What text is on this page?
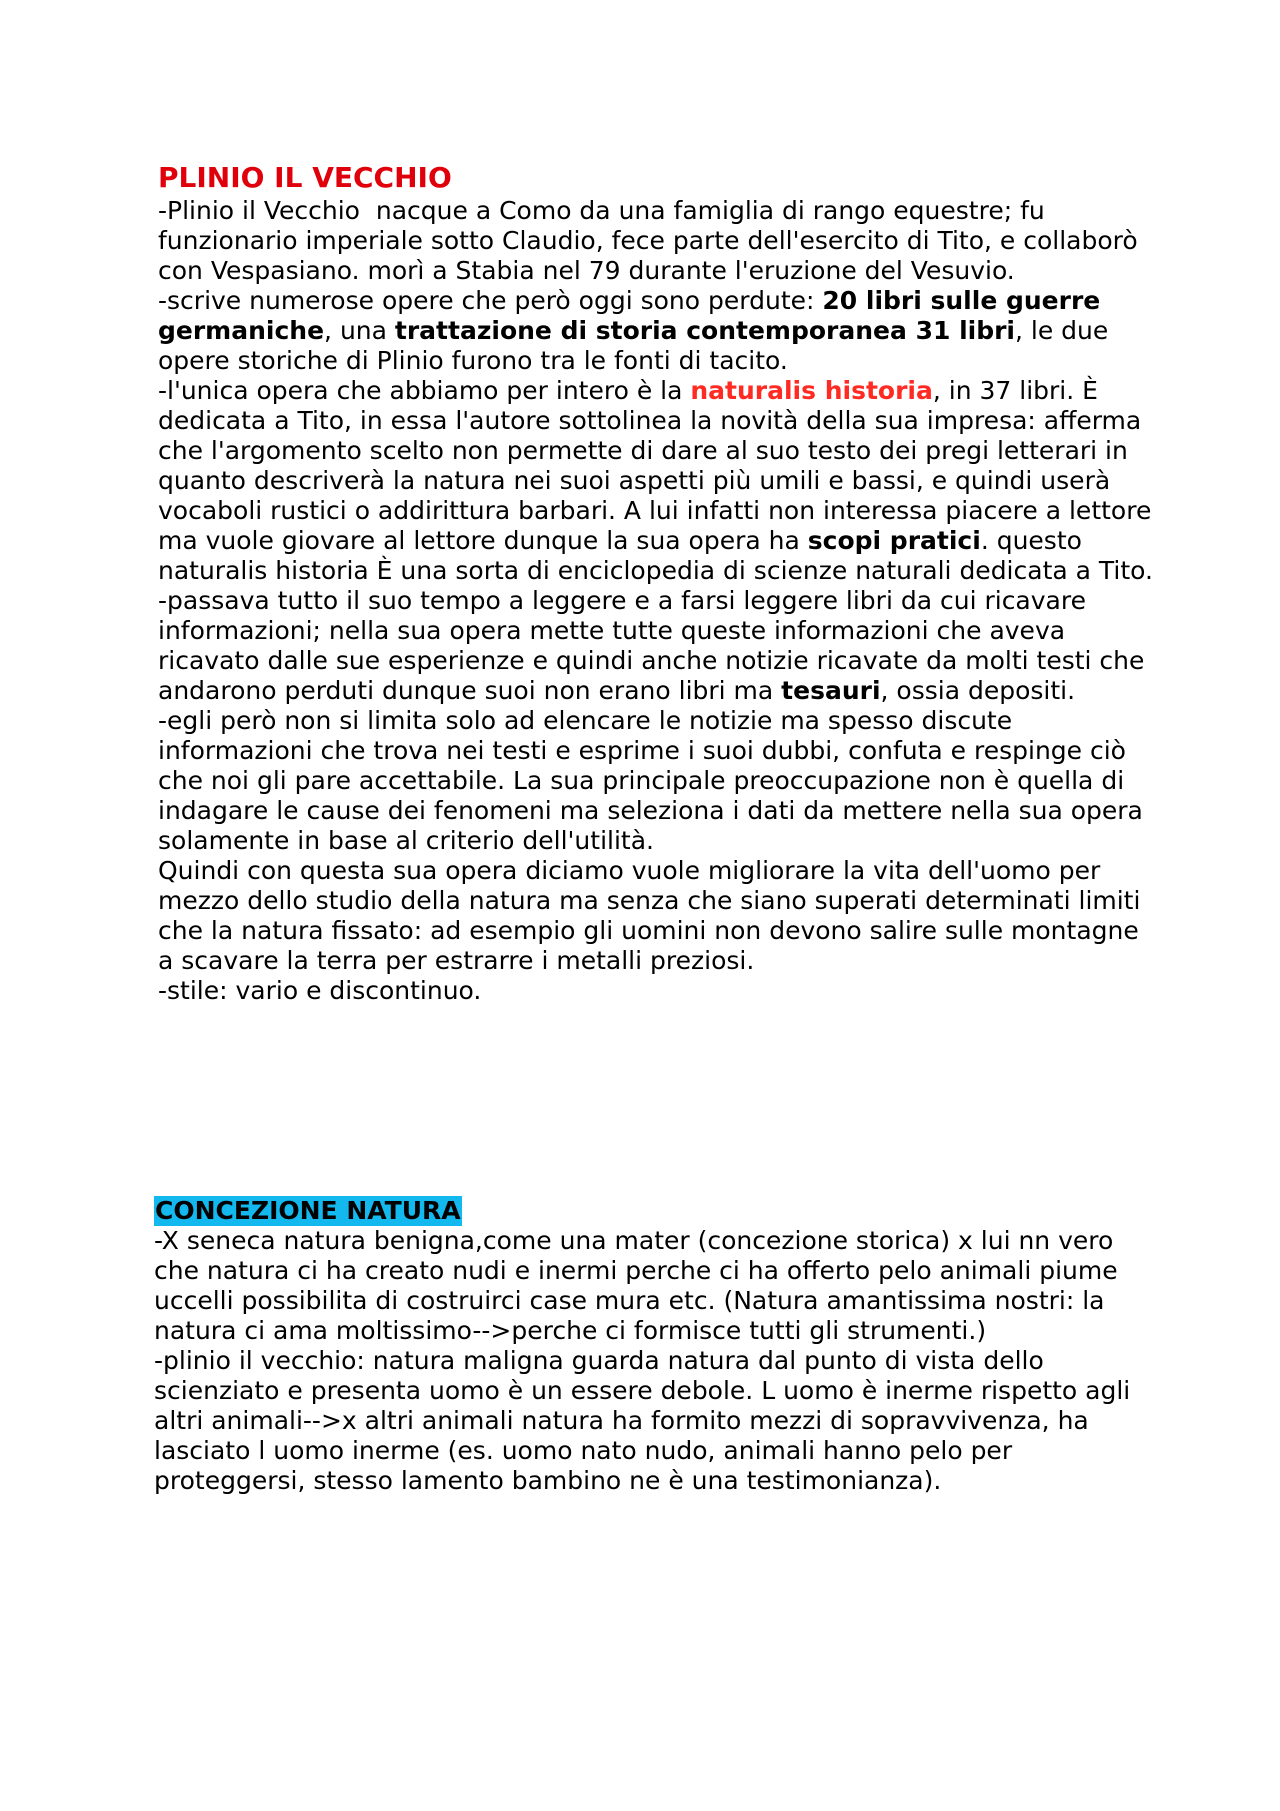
PLINIO IL VECCHIO

-Plinio il Vecchio  nacque a Como da una famiglia di rango equestre; fu funzionario imperiale sotto Claudio, fece parte dell'esercito di Tito, e collaborò con Vespasiano. morì a Stabia nel 79 durante l'eruzione del Vesuvio.

-scrive numerose opere che però oggi sono perdute: 20 libri sulle guerre germaniche, una trattazione di storia contemporanea 31 libri, le due opere storiche di Plinio furono tra le fonti di tacito.

-l'unica opera che abbiamo per intero è la naturalis historia, in 37 libri. È dedicata a Tito, in essa l'autore sottolinea la novità della sua impresa: afferma che l'argomento scelto non permette di dare al suo testo dei pregi letterari in quanto descriverà la natura nei suoi aspetti più umili e bassi, e quindi userà vocaboli rustici o addirittura barbari. A lui infatti non interessa piacere a lettore ma vuole giovare al lettore dunque la sua opera ha scopi pratici. questo naturalis historia È una sorta di enciclopedia di scienze naturali dedicata a Tito.

-passava tutto il suo tempo a leggere e a farsi leggere libri da cui ricavare informazioni; nella sua opera mette tutte queste informazioni che aveva ricavato dalle sue esperienze e quindi anche notizie ricavate da molti testi che andarono perduti dunque suoi non erano libri ma tesauri, ossia depositi.

-egli però non si limita solo ad elencare le notizie ma spesso discute informazioni che trova nei testi e esprime i suoi dubbi, confuta e respinge ciò che noi gli pare accettabile. La sua principale preoccupazione non è quella di indagare le cause dei fenomeni ma seleziona i dati da mettere nella sua opera solamente in base al criterio dell'utilità.

Quindi con questa sua opera diciamo vuole migliorare la vita dell'uomo per mezzo dello studio della natura ma senza che siano superati determinati limiti che la natura fissato: ad esempio gli uomini non devono salire sulle montagne a scavare la terra per estrarre i metalli preziosi.

-stile: vario e discontinuo.

CONCEZIONE NATURA

-X seneca natura benigna,come una mater (concezione storica) x lui nn vero che natura ci ha creato nudi e inermi perche ci ha offerto pelo animali piume uccelli possibilita di costruirci case mura etc. (Natura amantissima nostri: la natura ci ama moltissimo-->perche ci formisce tutti gli strumenti.)

-plinio il vecchio: natura maligna guarda natura dal punto di vista dello scienziato e presenta uomo è un essere debole. L uomo è inerme rispetto agli altri animali-->x altri animali natura ha formito mezzi di sopravvivenza, ha lasciato l uomo inerme (es. uomo nato nudo, animali hanno pelo per proteggersi, stesso lamento bambino ne è una testimonianza).
